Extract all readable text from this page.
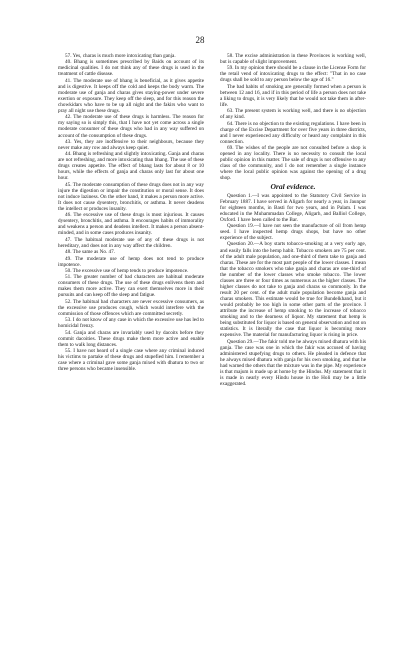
28

57. Yes, charas is much more intoxicating than ganja.

40. Bhang is sometimes prescribed by Baids on account of its medicinal qualities. I do not think any of these drugs is used in the treatment of cattle disease.

41. The moderate use of bhang is beneficial, as it gives appetite and is digestive. It keeps off the cold and keeps the body warm. The moderate use of ganja and charas gives staying-power under severe exertion or exposure. They keep off the sleep, and for this reason the chowkidars who have to be up all night and the fakirs who want to pray all night use these drugs.

42. The moderate use of these drugs is harmless. The reason for my saying so is simply this, that I have not yet come across a single moderate consumer of these drugs who had in any way suffered on account of the consumption of these drugs.

43. Yes, they are inoffensive to their neighbours, because they never make any row and always keep quiet.

44. Bhang is refreshing and slightly intoxicating. Ganja and charas are not refreshing, and more intoxicating than bhang. The use of these drugs creates appetite. The effect of bhang lasts for about 8 or 10 hours, while the effects of ganja and charas only last for about one hour.

45. The moderate consumption of these drugs does not in any way injure the digestion or impair the constitution or moral sense. It does not induce laziness. On the other hand, it makes a person more active. It does not cause dysentery, bronchitis, or asthma. It never deadens the intellect or produces insanity.

46. The excessive use of these drugs is most injurious. It causes dysentery, bronchitis, and asthma. It encourages habits of immorality and weakens a person and deadens intellect. It makes a person absent-minded, and in some cases produces insanity.

47. The habitual moderate use of any of these drugs is not hereditary, and does not in any way affect the children.

48. The same as No. 47.

49. The moderate use of hemp does not tend to produce impotence.

50. The excessive use of hemp tends to produce impotence.

51. The greater number of bad characters are habitual moderate consumers of these drugs. The use of these drugs enlivens them and makes them more active. They can exert themselves more in their pursuits and can keep off the sleep and fatigue.

52. The habitual bad characters are never excessive consumers, as the excessive use produces cough, which would interfere with the commission of those offences which are committed secretly.

53. I do not know of any case in which the excessive use has led to homicidal frenzy.

54. Ganja and charas are invariably used by dacoits before they commit dacoities. These drugs make them more active and enable them to walk long distances.

55. I have not heard of a single case where any criminal induced his victims to partake of these drugs and stupefied him. I remember a case where a criminal gave some ganja mixed with dhatura to two or three persons who became insensible.

58. The excise administration in these Provinces is working well, but is capable of slight improvement.

59. In my opinion there should be a clause in the License Form for the retail vend of intoxicating drugs to the effect: "That in no case drugs shall be sold to any person below the age of 16."

The bad habits of smoking are generally formed when a person is between 12 and 16, and if in this period of life a person does not take a liking to drugs, it is very likely that he would not take them in after-life.

63. The present system is working well, and there is no objection of any kind.

64. There is no objection to the existing regulations. I have been in charge of the Excise Department for over five years in three districts, and I never experienced any difficulty or heard any complaint in this connection.

69. The wishes of the people are not consulted before a shop is opened in any locality. There is no necessity to consult the local public opinion in this matter. The sale of drugs is not offensive to any class of the community, and I do not remember a single instance where the local public opinion was against the opening of a drug shop.

Oral evidence.

Question 1.—I was appointed to the Statutory Civil Service in February 1887. I have served in Aligarh for nearly a year, in Jaunpur for eighteen months, in Basti for two years, and in Palam. I was educated in the Muhammadan College, Aligarh, and Balliol College, Oxford. I have been called to the Bar.

Question 19.—I have not seen the manufacture of oil from hemp seed. I have inspected hemp drugs shops, but have no other experience of the subject.

Question 20.—A boy starts tobacco-smoking at a very early age, and easily falls into the hemp habit. Tobacco smokers are 75 per cent. of the adult male population, and one-third of them take to ganja and charas. These are for the most part people of the lower classes. I mean that the tobacco smokers who take ganja and charas are one-third of the number of the lower classes who smoke tobacco. The lower classes are three or four times as numerous as the higher classes. The higher classes do not take to ganja and charas so commonly. In the result 20 per cent. of the adult male population become ganja and charas smokers. This estimate would be true for Bundelkhand, but it would probably be too high in some other parts of the province. I attribute the increase of hemp smoking to the increase of tobacco smoking and to the dearness of liquor. My statement that hemp is being substituted for liquor is based on general observation and not on statistics. It is literally the case that liquor is becoming more expensive. The material for manufacturing liquor is rising in price.

Question 29.—The fakir told me he always mixed dhatura with his ganja. The case was one in which the fakir was accused of having administered stupefying drugs to others. He pleaded in defence that he always mixed dhatura with ganja for his own smoking, and that he had warned the others that the mixture was in the pipe. My experience is that majum is made up at home by the Hindus. My statement that it is made in nearly every Hindu house in the Holi may be a little exaggerated.
